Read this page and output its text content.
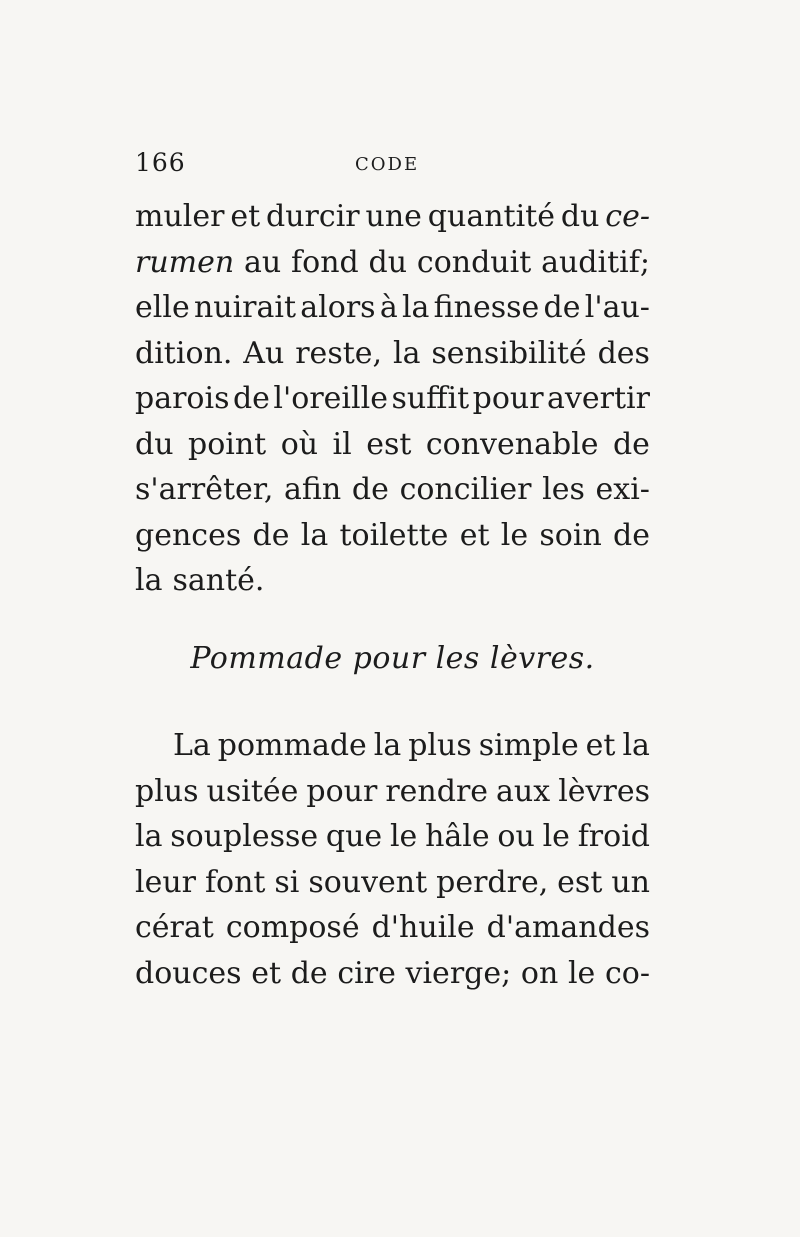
166	CODE
muler et durcir une quantité du ce-
rumen au fond du conduit auditif;
elle nuirait alors à la finesse de l'au-
dition. Au reste, la sensibilité des
parois de l'oreille suffit pour avertir
du point où il est convenable de
s'arrêter, afin de concilier les exi-
gences de la toilette et le soin de
la santé.
Pommade pour les lèvres.
La pommade la plus simple et la
plus usitée pour rendre aux lèvres
la souplesse que le hâle ou le froid
leur font si souvent perdre, est un
cérat composé d'huile d'amandes
douces et de cire vierge; on le co-
